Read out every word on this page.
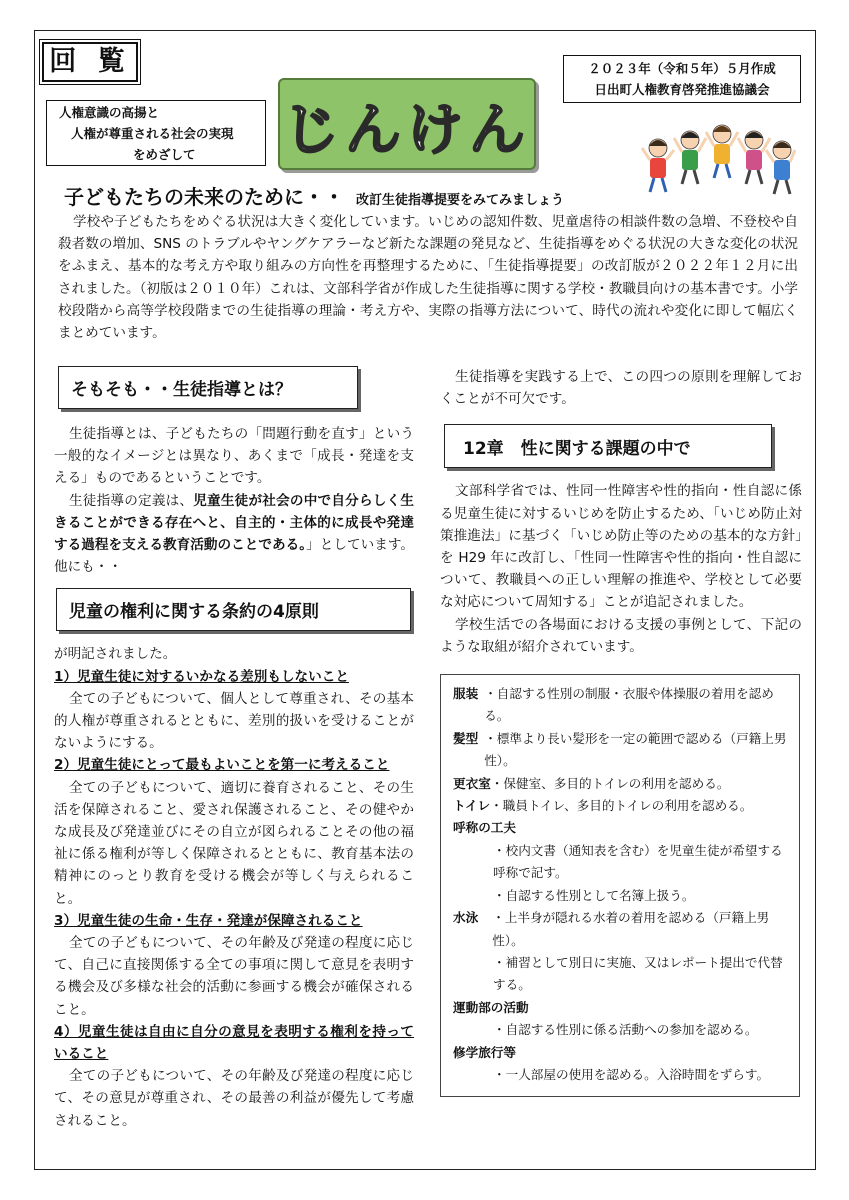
回 覧
人権意識の高揚と
人権が尊重される社会の実現
をめざして	じんけん
２０２３年（令和５年）５月作成
日出町人権教育啓発推進協議会
子どもたちの未来のために・・ 改訂生徒指導提要をみてみましょう

学校や子どもたちをめぐる状況は大きく変化しています。いじめの認知件数、児童虐待の相談件数の急増、不登校や自殺者数の増加、SNS のトラブルやヤングケアラーなど新たな課題の発見など、生徒指導をめぐる状況の大きな変化の状況をふまえ、基本的な考え方や取り組みの方向性を再整理するために、「生徒指導提要」の改訂版が２０２２年１２月に出されました。（初版は２０１０年）これは、文部科学省が作成した生徒指導に関する学校・教職員向けの基本書です。小学校段階から高等学校段階までの生徒指導の理論・考え方や、実際の指導方法について、時代の流れや変化に即して幅広くまとめています。

そもそも・・生徒指導とは？

生徒指導とは、子どもたちの「問題行動を直す」という一般的なイメージとは異なり、あくまで「成長・発達を支える」ものであるということです。

生徒指導の定義は、児童生徒が社会の中で自分らしく生きることができる存在へと、自主的・主体的に成長や発達する過程を支える教育活動のことである。」としています。他にも・・

児童の権利に関する条約の4原則

が明記されました。

1）児童生徒に対するいかなる差別もしないこと

全ての子どもについて、個人として尊重され、その基本的人権が尊重されるとともに、差別的扱いを受けることがないようにする。

2）児童生徒にとって最もよいことを第一に考えること

全ての子どもについて、適切に養育されること、その生活を保障されること、愛され保護されること、その健やかな成長及び発達並びにその自立が図られることその他の福祉に係る権利が等しく保障されるとともに、教育基本法の精神にのっとり教育を受ける機会が等しく与えられること。

3）児童生徒の生命・生存・発達が保障されること

全ての子どもについて、その年齢及び発達の程度に応じて、自己に直接関係する全ての事項に関して意見を表明する機会及び多様な社会的活動に参画する機会が確保されること。

4）児童生徒は自由に自分の意見を表明する権利を持っていること

全ての子どもについて、その年齢及び発達の程度に応じて、その意見が尊重され、その最善の利益が優先して考慮されること。

生徒指導を実践する上で、この四つの原則を理解しておくことが不可欠です。

12章　性に関する課題の中で

文部科学省では、性同一性障害や性的指向・性自認に係る児童生徒に対するいじめを防止するため、「いじめ防止対策推進法」に基づく「いじめ防止等のための基本的な方針」を H29 年に改訂し、「性同一性障害や性的指向・性自認について、教職員への正しい理解の推進や、学校として必要な対応について周知する」ことが追記されました。

学校生活での各場面における支援の事例として、下記のような取組が紹介されています。

服装 ・自認する性別の制服・衣服や体操服の着用を認める。
髪型 ・標準より長い髪形を一定の範囲で認める（戸籍上男性）。
更衣室 ・保健室、多目的トイレの利用を認める。
トイレ ・職員トイレ、多目的トイレの利用を認める。
呼称の工夫
・校内文書（通知表を含む）を児童生徒が希望する呼称で記す。
・自認する性別として名簿上扱う。
水泳	・上半身が隠れる水着の着用を認める（戸籍上男性）。
・補習として別日に実施、又はレポート提出で代替する。
運動部の活動
・自認する性別に係る活動への参加を認める。
修学旅行等
・一人部屋の使用を認める。入浴時間をずらす。
